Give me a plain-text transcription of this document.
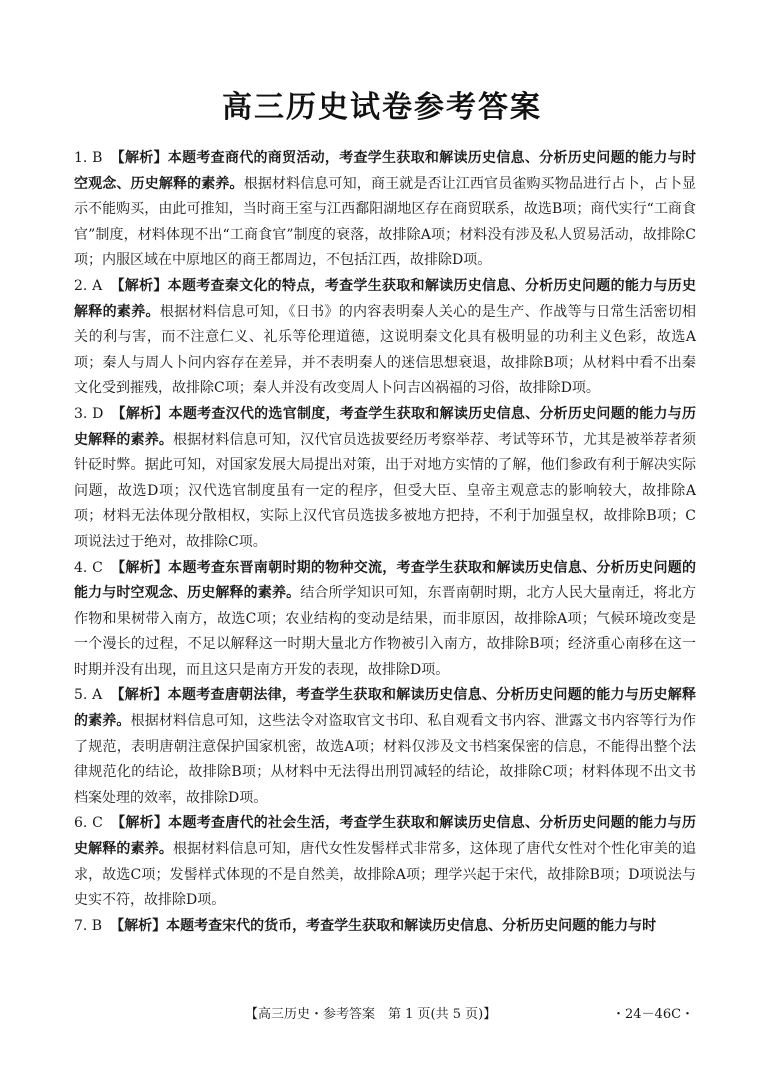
高三历史试卷参考答案

1. B 【解析】本题考查商代的商贸活动，考查学生获取和解读历史信息、分析历史问题的能力与时空观念、历史解释的素养。根据材料信息可知，商王就是否让江西官员雀购买物品进行占卜，占卜显示不能购买，由此可推知，当时商王室与江西鄱阳湖地区存在商贸联系，故选B项；商代实行“工商食官”制度，材料体现不出“工商食官”制度的衰落，故排除A项；材料没有涉及私人贸易活动，故排除C项；内服区域在中原地区的商王都周边，不包括江西，故排除D项。

2. A 【解析】本题考查秦文化的特点，考查学生获取和解读历史信息、分析历史问题的能力与历史解释的素养。根据材料信息可知，《日书》的内容表明秦人关心的是生产、作战等与日常生活密切相关的利与害，而不注意仁义、礼乐等伦理道德，这说明秦文化具有极明显的功利主义色彩，故选A项；秦人与周人卜问内容存在差异，并不表明秦人的迷信思想衰退，故排除B项；从材料中看不出秦文化受到摧残，故排除C项；秦人并没有改变周人卜问吉凶祸福的习俗，故排除D项。

3. D 【解析】本题考查汉代的选官制度，考查学生获取和解读历史信息、分析历史问题的能力与历史解释的素养。根据材料信息可知，汉代官员选拔要经历考察举荐、考试等环节，尤其是被举荐者须针砭时弊。据此可知，对国家发展大局提出对策，出于对地方实情的了解，他们参政有利于解决实际问题，故选D项；汉代选官制度虽有一定的程序，但受大臣、皇帝主观意志的影响较大，故排除A项；材料无法体现分散相权，实际上汉代官员选拔多被地方把持，不利于加强皇权，故排除B项；C项说法过于绝对，故排除C项。

4. C 【解析】本题考查东晋南朝时期的物种交流，考查学生获取和解读历史信息、分析历史问题的能力与时空观念、历史解释的素养。结合所学知识可知，东晋南朝时期，北方人民大量南迁，将北方作物和果树带入南方，故选C项；农业结构的变动是结果，而非原因，故排除A项；气候环境改变是一个漫长的过程，不足以解释这一时期大量北方作物被引入南方，故排除B项；经济重心南移在这一时期并没有出现，而且这只是南方开发的表现，故排除D项。

5. A 【解析】本题考查唐朝法律，考查学生获取和解读历史信息、分析历史问题的能力与历史解释的素养。根据材料信息可知，这些法令对盗取官文书印、私自观看文书内容、泄露文书内容等行为作了规范，表明唐朝注意保护国家机密，故选A项；材料仅涉及文书档案保密的信息，不能得出整个法律规范化的结论，故排除B项；从材料中无法得出刑罚减轻的结论，故排除C项；材料体现不出文书档案处理的效率，故排除D项。

6. C 【解析】本题考查唐代的社会生活，考查学生获取和解读历史信息、分析历史问题的能力与历史解释的素养。根据材料信息可知，唐代女性发髻样式非常多，这体现了唐代女性对个性化审美的追求，故选C项；发髻样式体现的不是自然美，故排除A项；理学兴起于宋代，故排除B项；D项说法与史实不符，故排除D项。

7. B 【解析】本题考查宋代的货币，考查学生获取和解读历史信息、分析历史问题的能力与时

【高三历史・参考答案　第 1 页(共 5 页)】	・24－46C・
